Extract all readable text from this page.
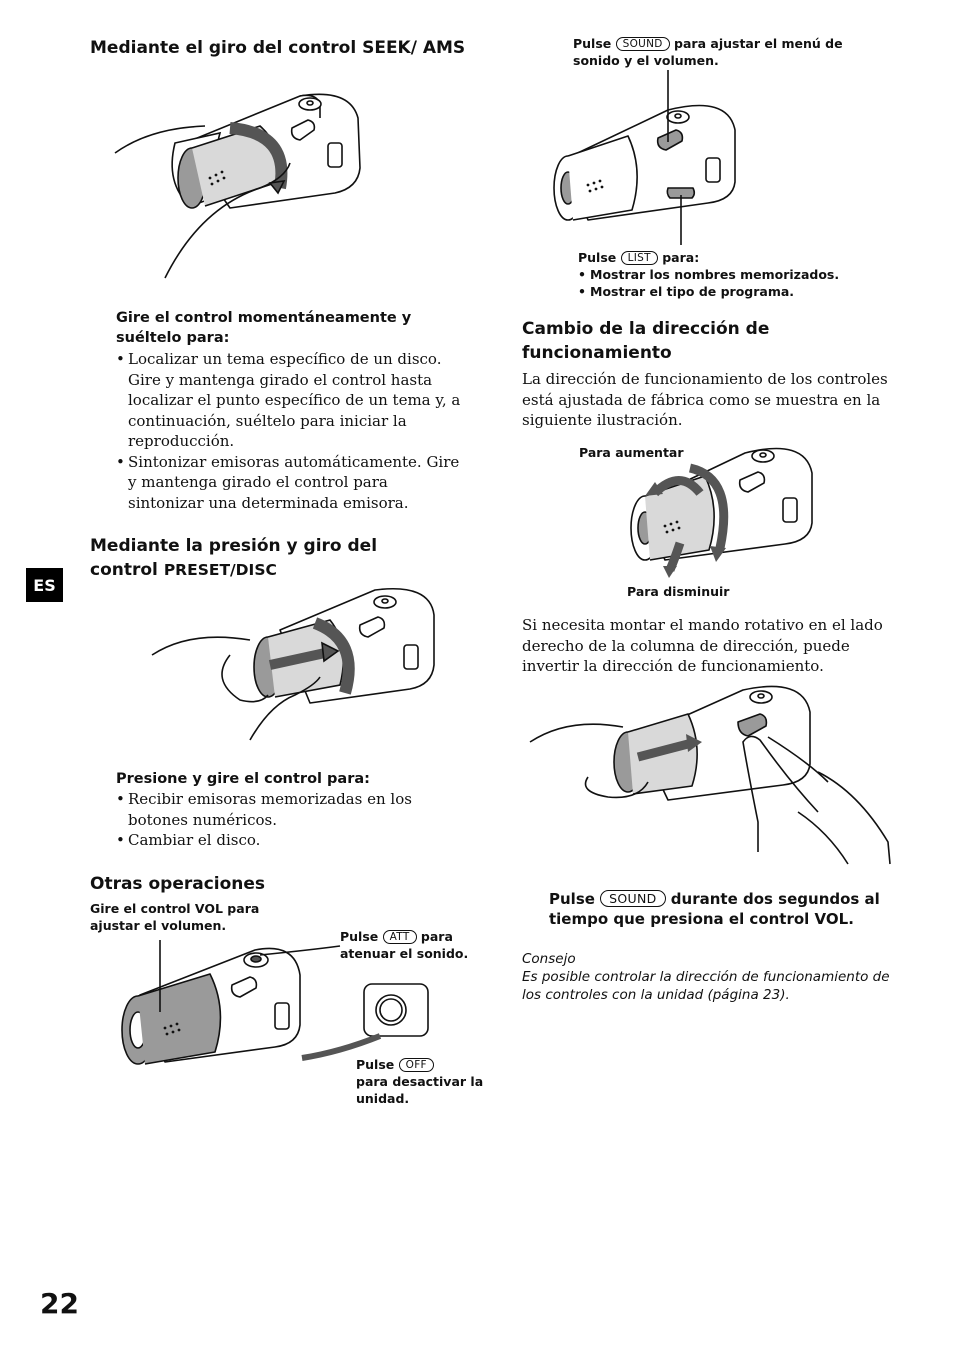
Mediante el giro del control SEEK/ AMS
Gire el control momentáneamente y suéltelo para:
• Localizar un tema específico de un disco. Gire y mantenga girado el control hasta localizar el punto específico de un tema y, a continuación, suéltelo para iniciar la reproducción.
• Sintonizar emisoras automáticamente. Gire y mantenga girado el control para sintonizar una determinada emisora.
Mediante la presión y giro del
control PRESET/DISC
ES
Presione y gire el control para:
• Recibir emisoras memorizadas en los botones numéricos.
• Cambiar el disco.
Otras operaciones
Gire el control VOL para ajustar el volumen.
Pulse ATT para atenuar el sonido.
Pulse OFF
para desactivar la unidad.
Pulse SOUND para ajustar el menú de sonido y el volumen.
Pulse LIST para:
• Mostrar los nombres memorizados.
• Mostrar el tipo de programa.
Cambio de la dirección de funcionamiento
La dirección de funcionamiento de los controles está ajustada de fábrica como se muestra en la siguiente ilustración.
Para aumentar
Para disminuir
Si necesita montar el mando rotativo en el lado derecho de la columna de dirección, puede invertir la dirección de funcionamiento.
Pulse SOUND durante dos segundos al tiempo que presiona el control VOL.
Consejo
Es posible controlar la dirección de funcionamiento de los controles con la unidad (página 23).
22
